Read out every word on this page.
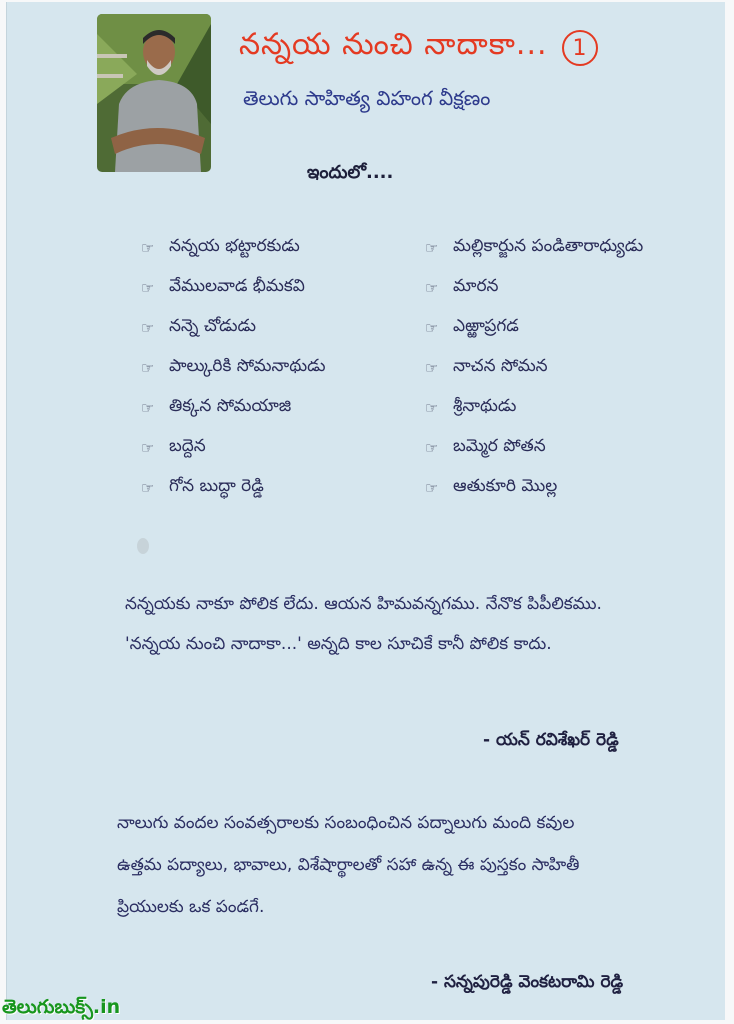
నన్నయ నుంచి నాదాకా...	1
తెలుగు సాహిత్య విహంగ వీక్షణం
ఇందులో....
☞ నన్నయ భట్టారకుడు
☞ వేములవాడ భీమకవి
☞ నన్నె చోడుడు
☞ పాల్కురికి సోమనాథుడు
☞ తిక్కన సోమయాజి
☞ బద్దెన
☞ గోన బుద్ధా రెడ్డి
☞ మల్లికార్జున పండితారాధ్యుడు
☞ మారన
☞ ఎఱ్ఱాప్రగడ
☞ నాచన సోమన
☞ శ్రీనాథుడు
☞ బమ్మెర పోతన
☞ ఆతుకూరి మొల్ల
నన్నయకు నాకూ పోలిక లేదు. ఆయన హిమవన్నగము. నేనొక పిపీలికము.
'నన్నయ నుంచి నాదాకా...' అన్నది కాల సూచికే కానీ పోలిక కాదు.
- యన్ రవిశేఖర్ రెడ్డి
నాలుగు వందల సంవత్సరాలకు సంబంధించిన పద్నాలుగు మంది కవుల
ఉత్తమ పద్యాలు, భావాలు, విశేషార్థాలతో సహా ఉన్న ఈ పుస్తకం సాహితీ
ప్రియులకు ఒక పండగే.
- సన్నపురెడ్డి వెంకటరామి రెడ్డి
తెలుగుబుక్స్.in
